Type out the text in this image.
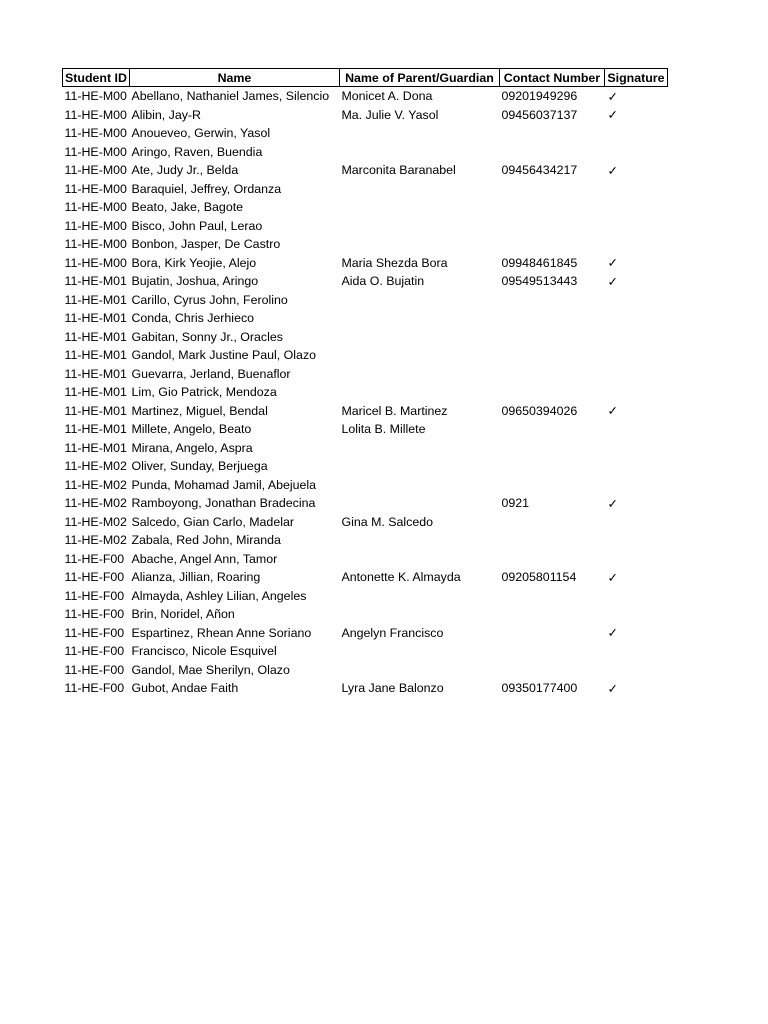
Student ID	Name	Name of Parent/Guardian	Contact Number	Signature
11-HE-M00	Abellano, Nathaniel James, Silencio	Monicet A. Dona	09201949296	✓
11-HE-M00	Alibin, Jay-R	Ma. Julie V. Yasol	09456037137	✓
11-HE-M00	Anoueveo, Gerwin, Yasol			
11-HE-M00	Aringo, Raven, Buendia			
11-HE-M00	Ate, Judy Jr., Belda	Marconita Baranabel	09456434217	✓
11-HE-M00	Baraquiel, Jeffrey, Ordanza			
11-HE-M00	Beato, Jake, Bagote			
11-HE-M00	Bisco, John Paul, Lerao			
11-HE-M00	Bonbon, Jasper, De Castro			
11-HE-M00	Bora, Kirk Yeojie, Alejo	Maria Shezda Bora	09948461845	✓
11-HE-M01	Bujatin, Joshua, Aringo	Aida O. Bujatin	09549513443	✓
11-HE-M01	Carillo, Cyrus John, Ferolino			
11-HE-M01	Conda, Chris Jerhieco			
11-HE-M01	Gabitan, Sonny Jr., Oracles			
11-HE-M01	Gandol, Mark Justine Paul, Olazo			
11-HE-M01	Guevarra, Jerland, Buenaflor			
11-HE-M01	Lim, Gio Patrick, Mendoza			
11-HE-M01	Martinez, Miguel, Bendal	Maricel B. Martinez	09650394026	✓
11-HE-M01	Millete, Angelo, Beato	Lolita B. Millete		
11-HE-M01	Mirana, Angelo, Aspra			
11-HE-M02	Oliver, Sunday, Berjuega			
11-HE-M02	Punda, Mohamad Jamil, Abejuela			
11-HE-M02	Ramboyong, Jonathan Bradecina		0921	✓
11-HE-M02	Salcedo, Gian Carlo, Madelar	Gina M. Salcedo		
11-HE-M02	Zabala, Red John, Miranda			
11-HE-F00	Abache, Angel Ann, Tamor			
11-HE-F00	Alianza, Jillian, Roaring	Antonette K. Almayda	09205801154	✓
11-HE-F00	Almayda, Ashley Lilian, Angeles			
11-HE-F00	Brin, Noridel, Añon			
11-HE-F00	Espartinez, Rhean Anne Soriano	Angelyn Francisco		✓
11-HE-F00	Francisco, Nicole Esquivel			
11-HE-F00	Gandol, Mae Sherilyn, Olazo			
11-HE-F00	Gubot, Andae Faith	Lyra Jane Balonzo	09350177400	✓
